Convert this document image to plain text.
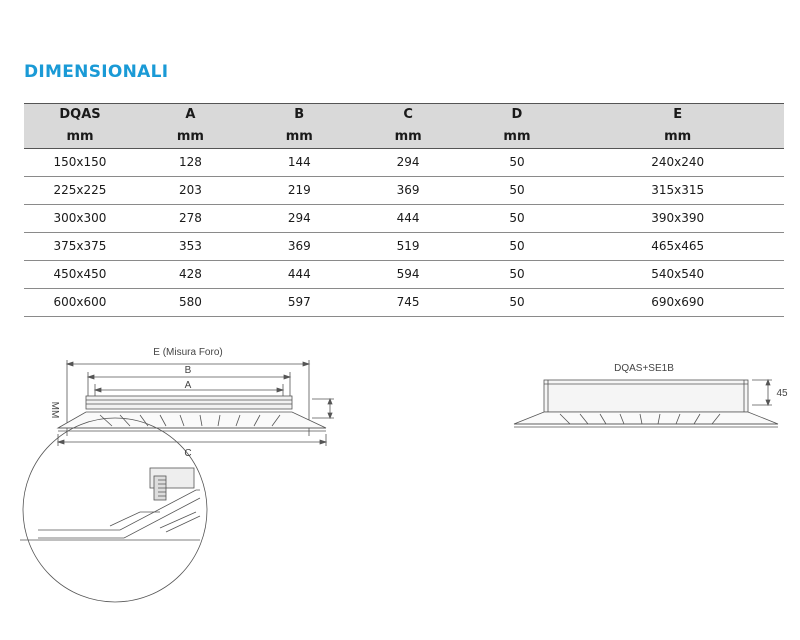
DIMENSIONALI
DQAS	A	B	C	D	E
mm	mm	mm	mm	mm	mm
150x150	128	144	294	50	240x240
225x225	203	219	369	50	315x315
300x300	278	294	444	50	390x390
375x375	353	369	519	50	465x465
450x450	428	444	594	50	540x540
600x600	580	597	745	50	690x690
E (Misura Foro)
B
A
C
MM
DQAS+SE1B
45
